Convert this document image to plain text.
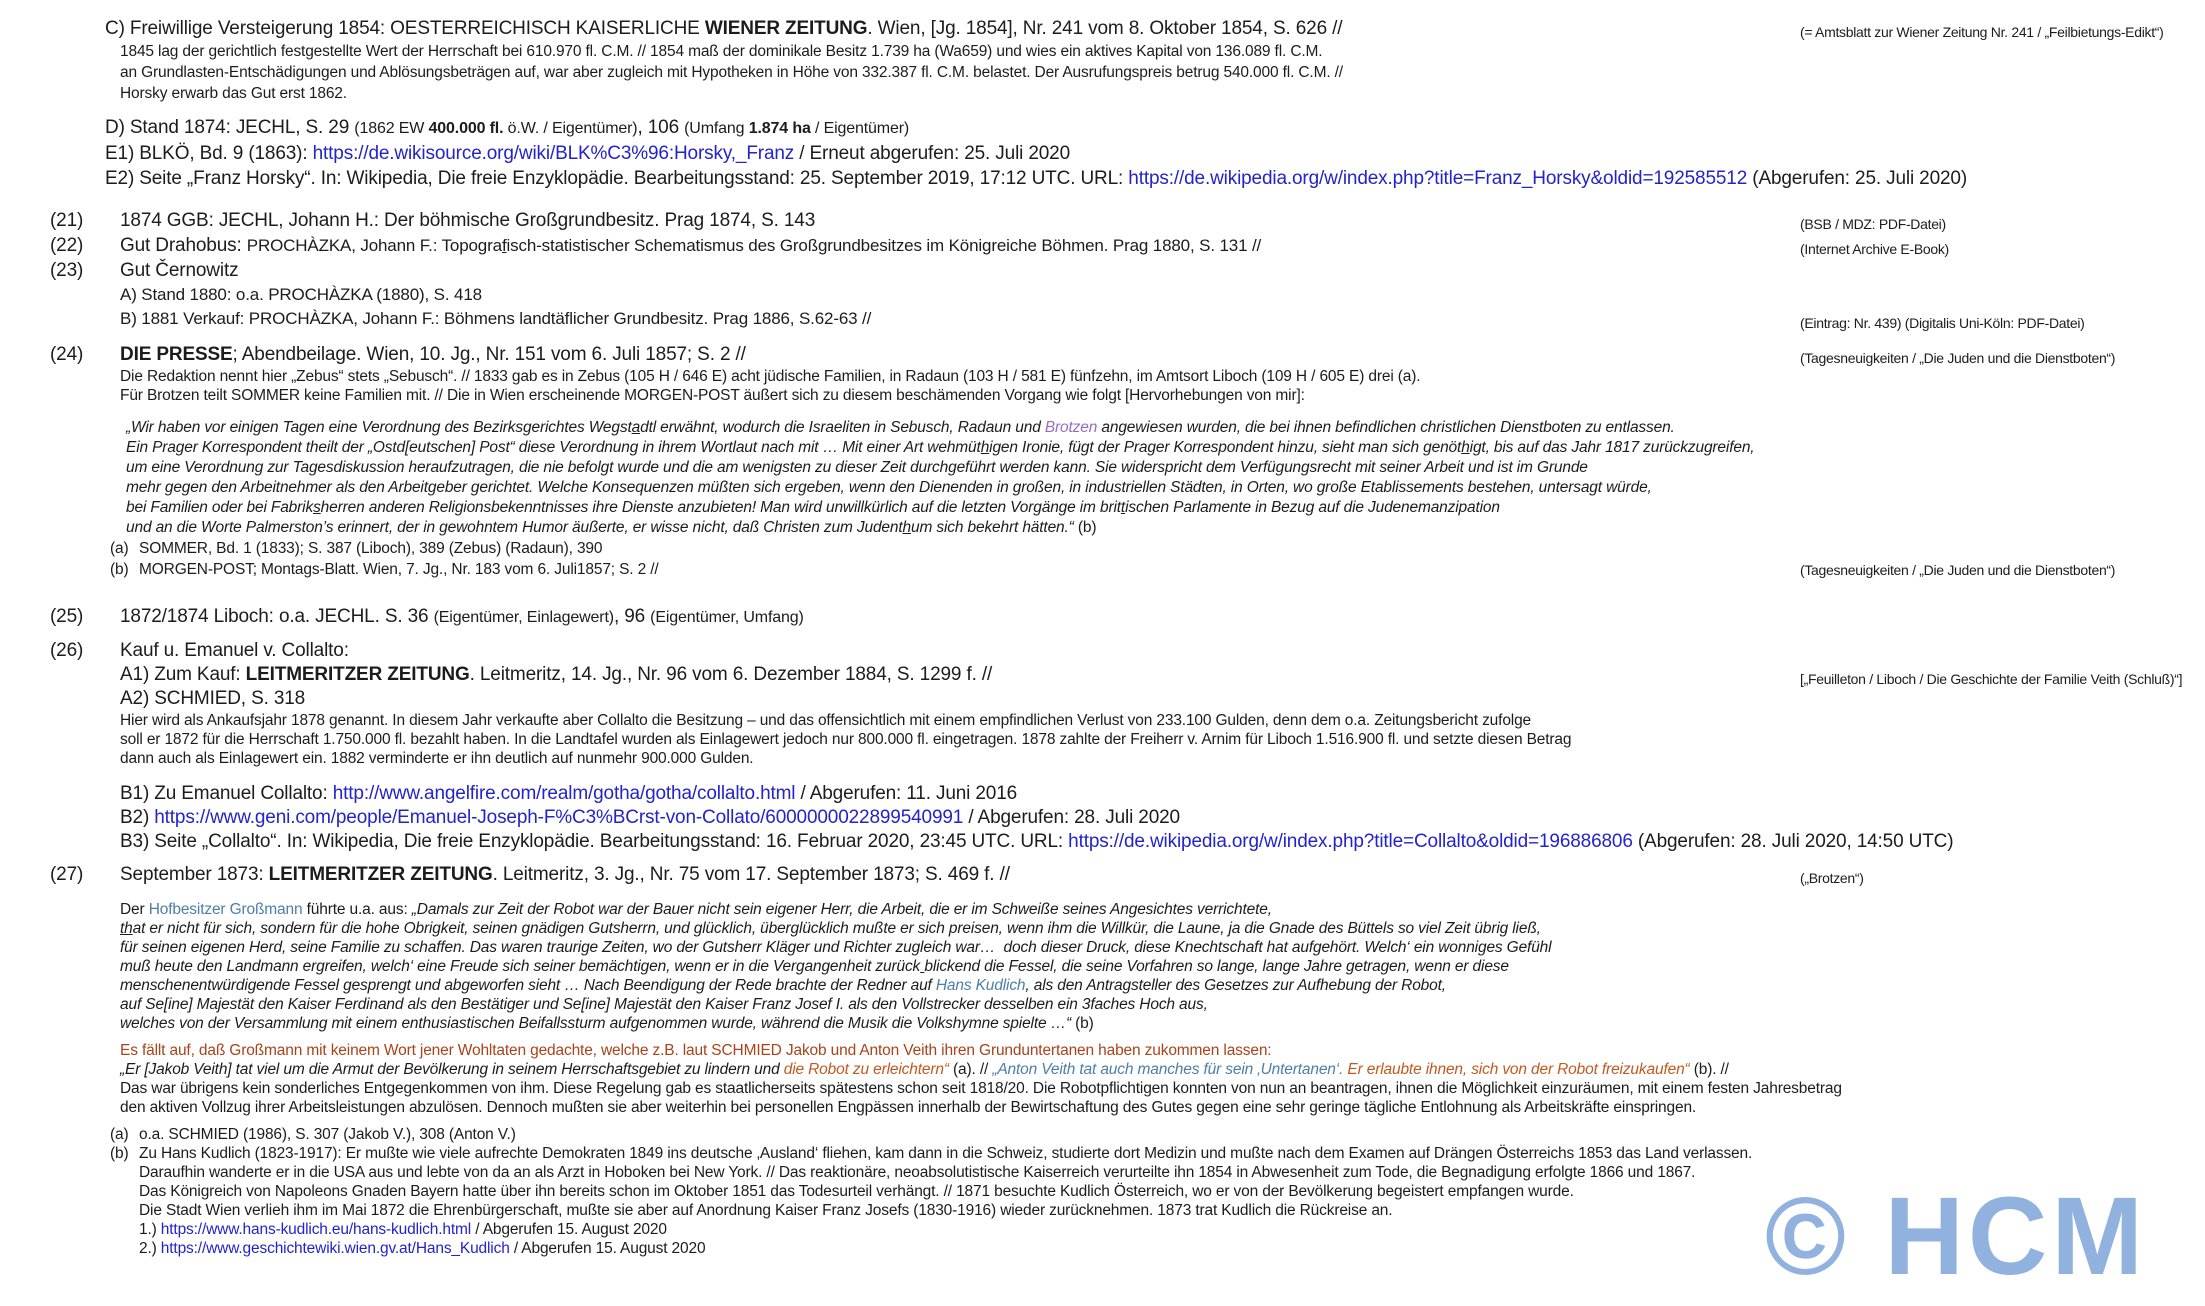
C) Freiwillige Versteigerung 1854: OESTERREICHISCH KAISERLICHE WIENER ZEITUNG. Wien, [Jg. 1854], Nr. 241 vom 8. Oktober 1854, S. 626 //	(= Amtsblatt zur Wiener Zeitung Nr. 241 / „Feilbietungs-Edikt“)
1845 lag der gerichtlich festgestellte Wert der Herrschaft bei 610.970 fl. C.M. // 1854 maß der dominikale Besitz 1.739 ha (Wa659) und wies ein aktives Kapital von 136.089 fl. C.M.
an Grundlasten-Entschädigungen und Ablösungsbeträgen auf, war aber zugleich mit Hypotheken in Höhe von 332.387 fl. C.M. belastet. Der Ausrufungspreis betrug 540.000 fl. C.M. //
Horsky erwarb das Gut erst 1862.
D) Stand 1874: JECHL, S. 29 (1862 EW 400.000 fl. ö.W. / Eigentümer), 106 (Umfang 1.874 ha / Eigentümer)
E1) BLKÖ, Bd. 9 (1863): https://de.wikisource.org/wiki/BLK%C3%96:Horsky,_Franz / Erneut abgerufen: 25. Juli 2020
E2) Seite „Franz Horsky“. In: Wikipedia, Die freie Enzyklopädie. Bearbeitungsstand: 25. September 2019, 17:12 UTC. URL: https://de.wikipedia.org/w/index.php?title=Franz_Horsky&oldid=192585512 (Abgerufen: 25. Juli 2020)
(21) 1874 GGB: JECHL, Johann H.: Der böhmische Großgrundbesitz. Prag 1874, S. 143	(BSB / MDZ: PDF-Datei)
(22) Gut Drahobus: PROCHÀZKA, Johann F.: Topografisch-statistischer Schematismus des Großgrundbesitzes im Königreiche Böhmen. Prag 1880, S. 131 //	(Internet Archive E-Book)
(23) Gut Černowitz
A) Stand 1880: o.a. PROCHÀZKA (1880), S. 418
B) 1881 Verkauf: PROCHÀZKA, Johann F.: Böhmens landtäflicher Grundbesitz. Prag 1886, S.62-63 //	(Eintrag: Nr. 439) (Digitalis Uni-Köln: PDF-Datei)
(24) DIE PRESSE; Abendbeilage. Wien, 10. Jg., Nr. 151 vom 6. Juli 1857; S. 2 //	(Tagesneuigkeiten / „Die Juden und die Dienstboten“)
Die Redaktion nennt hier „Zebus“ stets „Sebusch“. // 1833 gab es in Zebus (105 H / 646 E) acht jüdische Familien, in Radaun (103 H / 581 E) fünfzehn, im Amtsort Liboch (109 H / 605 E) drei (a).
Für Brotzen teilt SOMMER keine Familien mit. // Die in Wien erscheinende MORGEN-POST äußert sich zu diesem beschämenden Vorgang wie folgt [Hervorhebungen von mir]:
„Wir haben vor einigen Tagen eine Verordnung des Bezirksgerichtes Wegstadtl erwähnt, wodurch die Israeliten in Sebusch, Radaun und Brotzen angewiesen wurden, die bei ihnen befindlichen christlichen Dienstboten zu entlassen.
Ein Prager Korrespondent theilt der „Ostd[eutschen] Post“ diese Verordnung in ihrem Wortlaut nach mit … Mit einer Art wehmüthigen Ironie, fügt der Prager Korrespondent hinzu, sieht man sich genöthigt, bis auf das Jahr 1817 zurückzugreifen,
um eine Verordnung zur Tagesdiskussion heraufzutragen, die nie befolgt wurde und die am wenigsten zu dieser Zeit durchgeführt werden kann. Sie widerspricht dem Verfügungsrecht mit seiner Arbeit und ist im Grunde
mehr gegen den Arbeitnehmer als den Arbeitgeber gerichtet. Welche Konsequenzen müßten sich ergeben, wenn den Dienenden in großen, in industriellen Städten, in Orten, wo große Etablissements bestehen, untersagt würde,
bei Familien oder bei Fabriksherren anderen Religionsbekenntnisses ihre Dienste anzubieten! Man wird unwillkürlich auf die letzten Vorgänge im brittischen Parlamente in Bezug auf die Judenemanzipation
und an die Worte Palmerston’s erinnert, der in gewohntem Humor äußerte, er wisse nicht, daß Christen zum Judenthum sich bekehrt hätten.“ (b)
(a) SOMMER, Bd. 1 (1833); S. 387 (Liboch), 389 (Zebus) (Radaun), 390
(b) MORGEN-POST; Montags-Blatt. Wien, 7. Jg., Nr. 183 vom 6. Juli1857; S. 2 //	(Tagesneuigkeiten / „Die Juden und die Dienstboten“)
(25) 1872/1874 Liboch: o.a. JECHL. S. 36 (Eigentümer, Einlagewert), 96 (Eigentümer, Umfang)
(26) Kauf u. Emanuel v. Collalto:
A1) Zum Kauf: LEITMERITZER ZEITUNG. Leitmeritz, 14. Jg., Nr. 96 vom 6. Dezember 1884, S. 1299 f. //	[„Feuilleton / Liboch / Die Geschichte der Familie Veith (Schluß)“]
A2) SCHMIED, S. 318
Hier wird als Ankaufsjahr 1878 genannt. In diesem Jahr verkaufte aber Collalto die Besitzung – und das offensichtlich mit einem empfindlichen Verlust von 233.100 Gulden, denn dem o.a. Zeitungsbericht zufolge
soll er 1872 für die Herrschaft 1.750.000 fl. bezahlt haben. In die Landtafel wurden als Einlagewert jedoch nur 800.000 fl. eingetragen. 1878 zahlte der Freiherr v. Arnim für Liboch 1.516.900 fl. und setzte diesen Betrag
dann auch als Einlagewert ein. 1882 verminderte er ihn deutlich auf nunmehr 900.000 Gulden.
B1) Zu Emanuel Collalto: http://www.angelfire.com/realm/gotha/gotha/collalto.html / Abgerufen: 11. Juni 2016
B2) https://www.geni.com/people/Emanuel-Joseph-F%C3%BCrst-von-Collato/6000000022899540991 / Abgerufen: 28. Juli 2020
B3) Seite „Collalto“. In: Wikipedia, Die freie Enzyklopädie. Bearbeitungsstand: 16. Februar 2020, 23:45 UTC. URL: https://de.wikipedia.org/w/index.php?title=Collalto&oldid=196886806 (Abgerufen: 28. Juli 2020, 14:50 UTC)
(27) September 1873: LEITMERITZER ZEITUNG. Leitmeritz, 3. Jg., Nr. 75 vom 17. September 1873; S. 469 f. //	(„Brotzen“)
Der Hofbesitzer Großmann führte u.a. aus: „Damals zur Zeit der Robot war der Bauer nicht sein eigener Herr, die Arbeit, die er im Schweiße seines Angesichtes verrichtete,
that er nicht für sich, sondern für die hohe Obrigkeit, seinen gnädigen Gutsherrn, und glücklich, überglücklich mußte er sich preisen, wenn ihm die Willkür, die Laune, ja die Gnade des Büttels so viel Zeit übrig ließ,
für seinen eigenen Herd, seine Familie zu schaffen. Das waren traurige Zeiten, wo der Gutsherr Kläger und Richter zugleich war…  doch dieser Druck, diese Knechtschaft hat aufgehört. Welch‘ ein wonniges Gefühl
muß heute den Landmann ergreifen, welch‘ eine Freude sich seiner bemächtigen, wenn er in die Vergangenheit zurück blickend die Fessel, die seine Vorfahren so lange, lange Jahre getragen, wenn er diese
menschenentwürdigende Fessel gesprengt und abgeworfen sieht … Nach Beendigung der Rede brachte der Redner auf Hans Kudlich, als den Antragsteller des Gesetzes zur Aufhebung der Robot,
auf Se[ine] Majestät den Kaiser Ferdinand als den Bestätiger und Se[ine] Majestät den Kaiser Franz Josef I. als den Vollstrecker desselben ein 3faches Hoch aus,
welches von der Versammlung mit einem enthusiastischen Beifallssturm aufgenommen wurde, während die Musik die Volkshymne spielte …“ (b)
Es fällt auf, daß Großmann mit keinem Wort jener Wohltaten gedachte, welche z.B. laut SCHMIED Jakob und Anton Veith ihren Grunduntertanen haben zukommen lassen:
„Er [Jakob Veith] tat viel um die Armut der Bevölkerung in seinem Herrschaftsgebiet zu lindern und die Robot zu erleichtern“ (a). // „Anton Veith tat auch manches für sein ‚Untertanen‘. Er erlaubte ihnen, sich von der Robot freizukaufen“ (b). //
Das war übrigens kein sonderliches Entgegenkommen von ihm. Diese Regelung gab es staatlicherseits spätestens schon seit 1818/20. Die Robotpflichtigen konnten von nun an beantragen, ihnen die Möglichkeit einzuräumen, mit einem festen Jahresbetrag
den aktiven Vollzug ihrer Arbeitsleistungen abzulösen. Dennoch mußten sie aber weiterhin bei personellen Engpässen innerhalb der Bewirtschaftung des Gutes gegen eine sehr geringe tägliche Entlohnung als Arbeitskräfte einspringen.
(a) o.a. SCHMIED (1986), S. 307 (Jakob V.), 308 (Anton V.)
(b) Zu Hans Kudlich (1823-1917): Er mußte wie viele aufrechte Demokraten 1849 ins deutsche ‚Ausland‘ fliehen, kam dann in die Schweiz, studierte dort Medizin und mußte nach dem Examen auf Drängen Österreichs 1853 das Land verlassen.
Daraufhin wanderte er in die USA aus und lebte von da an als Arzt in Hoboken bei New York. // Das reaktionäre, neoabsolutistische Kaiserreich verurteilte ihn 1854 in Abwesenheit zum Tode, die Begnadigung erfolgte 1866 und 1867.
Das Königreich von Napoleons Gnaden Bayern hatte über ihn bereits schon im Oktober 1851 das Todesurteil verhängt. // 1871 besuchte Kudlich Österreich, wo er von der Bevölkerung begeistert empfangen wurde.
Die Stadt Wien verlieh ihm im Mai 1872 die Ehrenbürgerschaft, mußte sie aber auf Anordnung Kaiser Franz Josefs (1830-1916) wieder zurücknehmen. 1873 trat Kudlich die Rückreise an.
1.) https://www.hans-kudlich.eu/hans-kudlich.html / Abgerufen 15. August 2020
2.) https://www.geschichtewiki.wien.gv.at/Hans_Kudlich / Abgerufen 15. August 2020	© HCM
